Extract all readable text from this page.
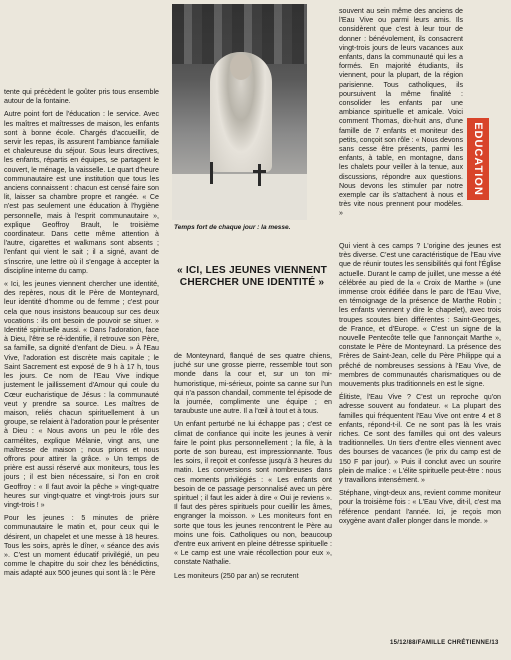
Temps fort de chaque jour : la messe.
« ICI, LES JEUNES VIENNENT CHERCHER UNE IDENTITÉ »
EDUCATION

tente qui précèdent le goûter pris tous ensemble autour de la fontaine.

Autre point fort de l'éducation : le service. Avec les maîtres et maîtresses de maison, les enfants sont à bonne école. Chargés d'accueillir, de servir les repas, ils assurent l'ambiance familiale et chaleureuse du séjour. Sous leurs directives, les enfants, répartis en équipes, se partagent le couvert, le ménage, la vaisselle. Le quart d'heure communautaire est une institution que tous les anciens connaissent : chacun est censé faire son lit, laisser sa chambre propre et rangée. « Ce n'est pas seulement une éducation à l'hygiène personnelle, mais à l'esprit communautaire », explique Geoffroy Brault, le troisième coordinateur. Dans cette même attention à l'autre, cigarettes et walkmans sont absents ; l'enfant qui vient le sait ; il a signé, avant de s'inscrire, une lettre où il s'engage à accepter la discipline interne du camp.

« Ici, les jeunes viennent chercher une identité, des repères, nous dit le Père de Monteynard, leur identité d'homme ou de femme ; c'est pour cela que nous insistons beaucoup sur ces deux vocations : ils ont besoin de pouvoir se situer. » Identité spirituelle aussi. « Dans l'adoration, face à Dieu, l'être se ré-identifie, il retrouve son Père, sa famille, sa dignité d'enfant de Dieu. » À l'Eau Vive, l'adoration est discrète mais capitale ; le Saint Sacrement est exposé de 9 h à 17 h, tous les jours. Ce nom de l'Eau Vive indique justement le jaillissement d'Amour qui coule du Cœur eucharistique de Jésus : la communauté veut y prendre sa source. Les maîtres de maison, reliés chacun spirituellement à un groupe, se relaient à l'adoration pour le présenter à Dieu : « Nous avons un peu le rôle des carmélites, explique Mélanie, vingt ans, une maîtresse de maison ; nous prions et nous offrons pour attirer la grâce. » Un temps de prière est aussi réservé aux moniteurs, tous les jours ; il est bien nécessaire, si l'on en croit Geoffroy : « Il faut avoir la pêche » vingt-quatre heures sur vingt-quatre et vingt-trois jours sur vingt-trois ! »

Pour les jeunes : 5 minutes de prière communautaire le matin et, pour ceux qui le désirent, un chapelet et une messe à 18 heures. Tous les soirs, après le dîner, « séance des avis ». C'est un moment éducatif privilégié, un peu comme le chapitre du soir chez les bénédictins, mais adapté aux 500 jeunes qui sont là : le Père

de Monteynard, flanqué de ses quatre chiens, juché sur une grosse pierre, ressemble tout son monde dans la cour et, sur un ton mi-humoristique, mi-sérieux, pointe sa canne sur l'un qui n'a passon chandail, commente tel épisode de la journée, complimente une équipe ; en taraubuste une autre. Il a l'œil à tout et à tous.

Un enfant perturbé ne lui échappe pas ; c'est ce climat de confiance qui incite les jeunes à venir faire le point plus personnellement ; la file, à la porte de son bureau, est impressionnante. Tous les soirs, il reçoit et confesse jusqu'à 3 heures du matin. Les conversions sont nombreuses dans ces moments privilégiés : « Les enfants ont besoin de ce passage personnalisé avec un père spirituel ; il faut les aider à dire « Oui je reviens ». Il faut des pères spirituels pour cueillir les âmes, engranger la moisson. » Les moniteurs font en sorte que tous les jeunes rencontrent le Père au moins une fois. Catholiques ou non, beaucoup d'entre eux arrivent en pleine détresse spirituelle : « Le camp est une vraie récollection pour eux », constate Nathalie.

Les moniteurs (250 par an) se recrutent

souvent au sein même des anciens de l'Eau Vive ou parmi leurs amis. Ils considèrent que c'est à leur tour de donner : bénévolement, ils consacrent vingt-trois jours de leurs vacances aux enfants, dans la communauté qui les a formés. En majorité étudiants, ils viennent, pour la plupart, de la région parisienne. Tous catholiques, ils poursuivent la même finalité : consolider les enfants par une ambiance spirituelle et amicale. Voici comment Thomas, dix-huit ans, d'une famille de 7 enfants et moniteur des petits, conçoit son rôle : « Nous devons sans cesse être présents, parmi les enfants, à table, en montagne, dans les chalets pour veiller à la tenue, aux discussions, répondre aux questions. Nous devons les stimuler par notre exemple car ils s'attachent à nous et très vite nous prennent pour modèles. »

Qui vient à ces camps ? L'origine des jeunes est très diverse. C'est une caractéristique de l'Eau vive que de réunir toutes les sensibilités qui font l'Église actuelle. Durant le camp de juillet, une messe a été célébrée au pied de la « Croix de Marthe » (une immense croix édifiée dans le parc de l'Eau Vive, en témoignage de la présence de Marthe Robin ; les enfants viennent y dire le chapelet), avec trois troupes scoutes bien différentes : Saint-Georges, de France, et d'Europe. « C'est un signe de la nouvelle Pentecôte telle que l'annonçait Marthe », constate le Père de Monteynard. La présence des Frères de Saint-Jean, celle du Père Philippe qui a prêché de nombreuses sessions à l'Eau Vive, de membres de communautés charismatiques ou de mouvements plus traditionnels en est le signe.

Élitiste, l'Eau Vive ? C'est un reproche qu'on adresse souvent au fondateur. « La plupart des familles qui fréquentent l'Eau Vive ont entre 4 et 8 enfants, répond-t-il. Ce ne sont pas là les vrais riches. Ce sont des familles qui ont des valeurs traditionnelles. Un tiers d'entre elles viennent avec des bourses de vacances (le prix du camp est de 150 F par jour). » Puis il conclut avec un sourire plein de malice : « L'élite spirituelle peut-être : nous y travaillons intensément. »

Stéphane, vingt-deux ans, revient comme moniteur pour la troisième fois : « L'Eau Vive, dit-il, c'est ma référence pendant l'année. Ici, je reçois mon oxygène avant d'aller plonger dans le monde. »

15/12/88/FAMILLE CHRÉTIENNE/13
